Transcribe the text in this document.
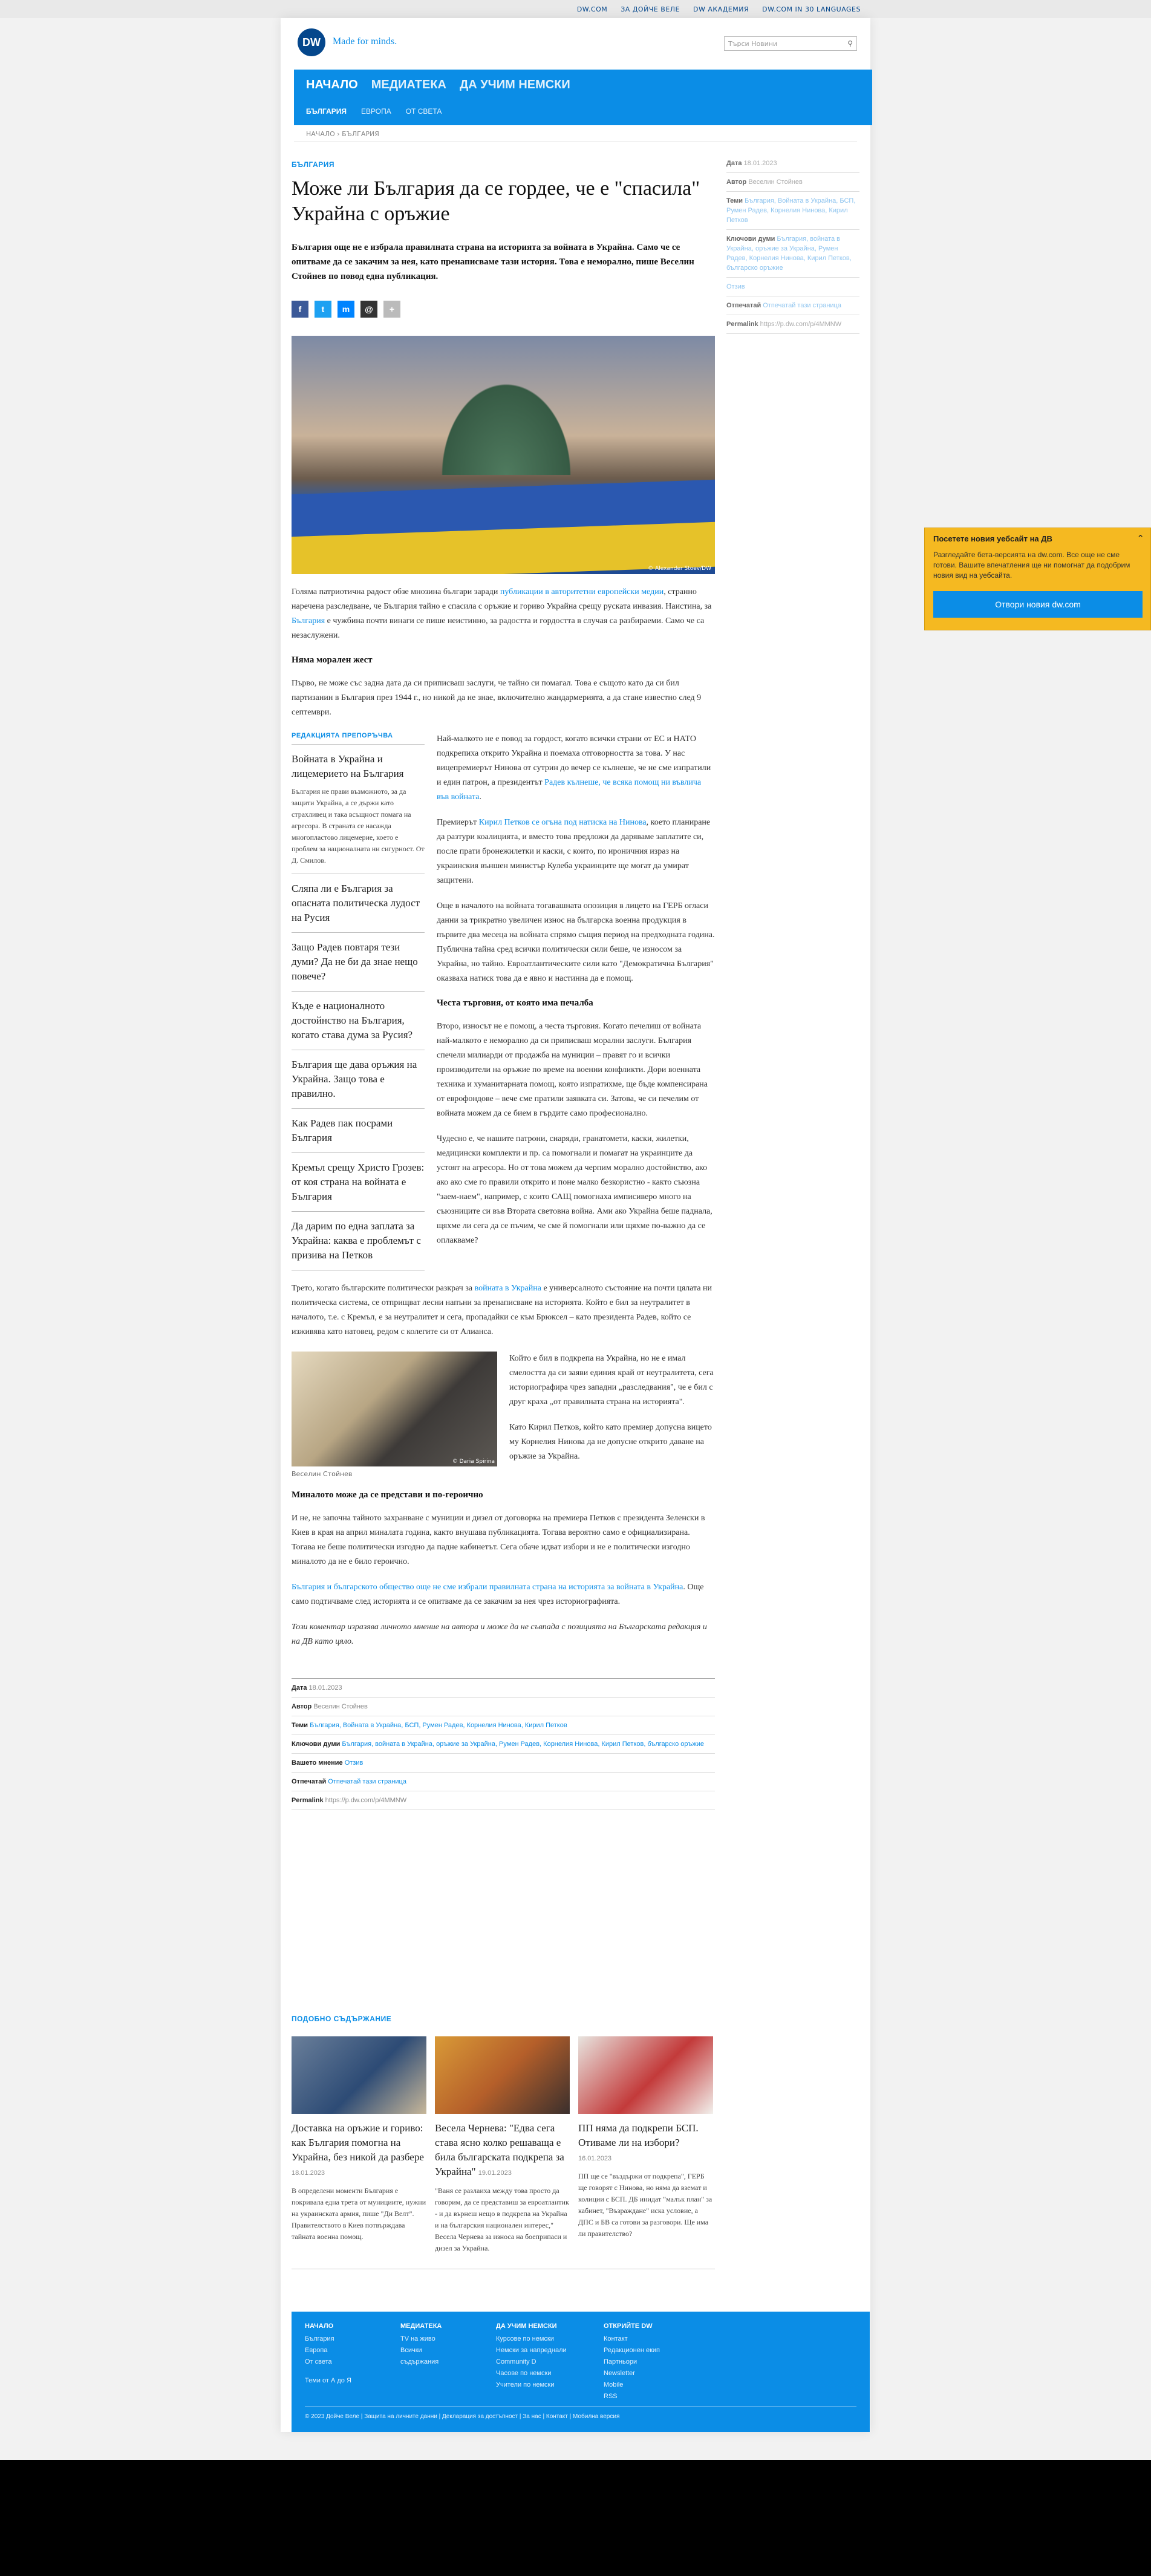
DW.COM ЗА ДОЙЧЕ ВЕЛЕ DW АКАДЕМИЯ DW.COM IN 30 LANGUAGES
DW	Made for minds.	Търси Новини	⚲
НАЧАЛО МЕДИАТЕКА ДА УЧИМ НЕМСКИ
БЪЛГАРИЯ ЕВРОПА ОТ СВЕТА
НАЧАЛО › БЪЛГАРИЯ
БЪЛГАРИЯ
Може ли България да се гордее, че е "спасила" Украйна с оръжие

България още не е избрала правилната страна на историята за войната в Украйна. Само че се опитваме да се закачим за нея, като пренаписваме тази история. Това е неморално, пише Веселин Стойнев по повод една публикация.

f	t	m	@	+
© Alexander Stoev/DW

Голяма патриотична радост обзе мнозина българи заради публикации в авторитетни европейски медии, стрaнно наречена разследване, че България тайно е спасила с оръжие и гориво Украйна срещу руската инвазия. Наистина, за България е чужбина почти винаги се пише неистинно, за радостта и гордостта в случая са разбираеми. Само че са незаслужени.

Няма морален жест

Първо, не може със задна дата да си приписваш заслуги, че тайно си помагал. Това е същото като да си бил партизанин в България през 1944 г., но никой да не знае, включително жандармерията, а да стане известно след 9 септември.

РЕДАКЦИЯТА ПРЕПОРЪЧВА
Войната в Украйна и лицемерието на България
България не прави възможното, за да защити Украйна, а се държи като страхливец и така всъщност помага на агресора. В страната се насажда многопластово лицемерие, което е проблем за националната ни сигурност. От Д. Смилов.
Сляпа ли е България за опасната политическа лудост на Русия
Защо Радев повтаря тези думи? Да не би да знае нещо повече?
Къде е националното достойнство на България, когато става дума за Русия?
България ще дава оръжия на Украйна. Защо това е правилно.
Как Радев пак посрами България
Кремъл срещу Христо Грозев: от коя страна на войната е България
Да дарим по една заплата за Украйна: каква е проблемът с призива на Петков

Най-малкото не е повод за гордост, когато всички страни от ЕС и НАТО подкрепиха открито Украйна и поемаха отговорността за това. У нас вицепремиерът Нинова от сутрин до вечер се кълнеше, че не сме изпратили и един патрон, а президентът Радев кълнеше, че всяка помощ ни въвлича във войната.

Премиерът Кирил Петков се огъна под натиска на Нинова, което планиране да разтури коалицията, и вместо това предложи да даряваме заплатите си, после прати бронежилетки и каски, с които, по ироничния израз на украинския външен министър Кулеба украинците ще могат да умират защитени.

Още в началото на войната тогавашната опозиция в лицето на ГЕРБ огласи данни за трикратно увеличен износ на българска военна продукция в първите два месеца на войната спрямо същия период на предходната година. Публична тайна сред всички политически сили беше, че износом за Украйна, но тайно. Евроатлантическите сили като "Демократична България" оказваха натиск това да е явно и настинна да е помощ.

Честа търговия, от която има печалба

Второ, износът не е помощ, а честа търговия. Когато печелиш от войната най-малкото е неморално да си приписваш морални заслуги. България спечели милиарди от продажба на муниции – правят го и всички производители на оръжие по време на военни конфликти. Дори военната техника и хуманитарната помощ, която изпратихме, ще бъде компенсирана от еврофондове – вече сме пратили заявката си. Затова, че си печелим от войната можем да се бием в гърдите само професионално.

Чудесно е, че нашите патрони, снаряди, гранатомети, каски, жилетки, медицински комплекти и пр. са помогнали и помагат на украинците да устоят на агресора. Но от това можем да черпим морално достойнство, ако ако ако сме го правили открито и поне малко безкористно - както съюзна "заем-наем", например, с които САЩ помогнаха имписиверо много на съюзниците си във Втората световна война. Ами ако Украйна беше паднала, щяхме ли сега да се пъчим, че сме й помогнали или щяхме по-важно да се оплакваме?

Трето, когато българските политически разкрач за войната в Украйна е универсалното състояние на почти цялата ни политическа система, се отприщват лесни напъни за пренаписване на историята. Който е бил за неутралитет в началото, т.е. с Кремъл, е за неутралитет и сега, пропадайки се към Брюксел – като президента Радев, който се изживява като натовец, редом с колегите си от Алианса.

© Daria Spirina
Веселин Стойнев

Който е бил в подкрепа на Украйна, но не е имал смелостта да си заяви единия край от неутралитета, сега историографира чрез западни „разследвания", че е бил с друг краха „от правилната страна на историята".

Като Кирил Петков, който като премиер допусна вицето му Корнелия Нинова да не допусне открито даване на оръжие за Украйна.

Миналото може да се представи и по-героично

И не, не започна тайното захранване с муниции и дизел от договорка на премиера Петков с президента Зеленски в Киев в края на април миналата година, както внушава публикацията. Тогава вероятно само е официализирана. Тогава не беше политически изгодно да падне кабинетът. Сега обаче идват избори и не е политически изгодно миналото да не е било героично.

България и българското общество още не сме избрали правилната страна на историята за войната в Украйна. Още само подтичваме след историята и се опитваме да се закачим за нея чрез историографията.

Този коментар изразява личното мнение на автора и може да не съвпада с позицията на Българската редакция и на ДВ като цяло.

Дата 18.01.2023
Автор Веселин Стойнев
Теми България, Войната в Украйна, БСП, Румен Радев, Корнелия Нинова, Кирил Петков
Ключови думи България, войната в Украйна, оръжие за Украйна, Румен Радев, Корнелия Нинова, Кирил Петков, българско оръжие
Вашето мнение Отзив
Отпечатай Отпечатай тази страница
Permalink https://p.dw.com/p/4MMNW
ПОДОБНО СЪДЪРЖАНИЕ
Доставка на оръжие и гориво: как България помогна на Украйна, без никой да разбере 18.01.2023
В определени моменти България е покривала една трета от мунициите, нужни на украинската армия, пише "Ди Велт". Правителството в Киев потвърждава тайната военна помощ.
Весела Чернева: "Едва сега става ясно колко решаваща е била българската подкрепа за Украйна" 19.01.2023
"Ваня се разлаиха между това просто да говорим, да се представиш за евроатлантик - и да върнеш нещо в подкрепа на Украйна и на българския национален интерес," Весела Чернева за износа на боеприпаси и дизел за Украйна.
ПП няма да подкрепи БСП. Отиваме ли на избори? 16.01.2023
ПП ще се "въздържи от подкрепа", ГЕРБ ще говорят с Нинова, но няма да вземат и колиции с БСП. ДБ инидат "малък план" за кабинет, "Възраждане" иска условие, а ДПС и БВ са готови за разговори. Ще има ли правителство?
Дата 18.01.2023
Автор Веселин Стойнев
Теми България, Войната в Украйна, БСП, Румен Радев, Корнелия Нинова, Кирил Петков
Ключови думи България, войната в Украйна, оръжие за Украйна, Румен Радев, Корнелия Нинова, Кирил Петков, българско оръжие
Отзив
Отпечатай Отпечатай тази страница
Permalink https://p.dw.com/p/4MMNW
НАЧАЛО
България
Европа
От света
Теми от А до Я
МЕДИАТЕКА
TV на живо
Всички съдържания
ДА УЧИМ НЕМСКИ
Курсове по немски
Немски за напреднали
Community D
Часове по немски
Учители по немски
ОТКРИЙТЕ DW
Контакт
Редакционен екип
Партньори
Newsletter
Mobile
RSS
© 2023 Дойче Веле | Защита на личните данни | Декларация за достъпност | За нас | Контакт | Мобилна версия
Посетете новия уебсайт на ДВ	⌃
Разгледайте бета-версията на dw.com. Все още не сме готови. Вашите впечатления ще ни помогнат да подобрим новия вид на уебсайта.
Отвори новия dw.com
